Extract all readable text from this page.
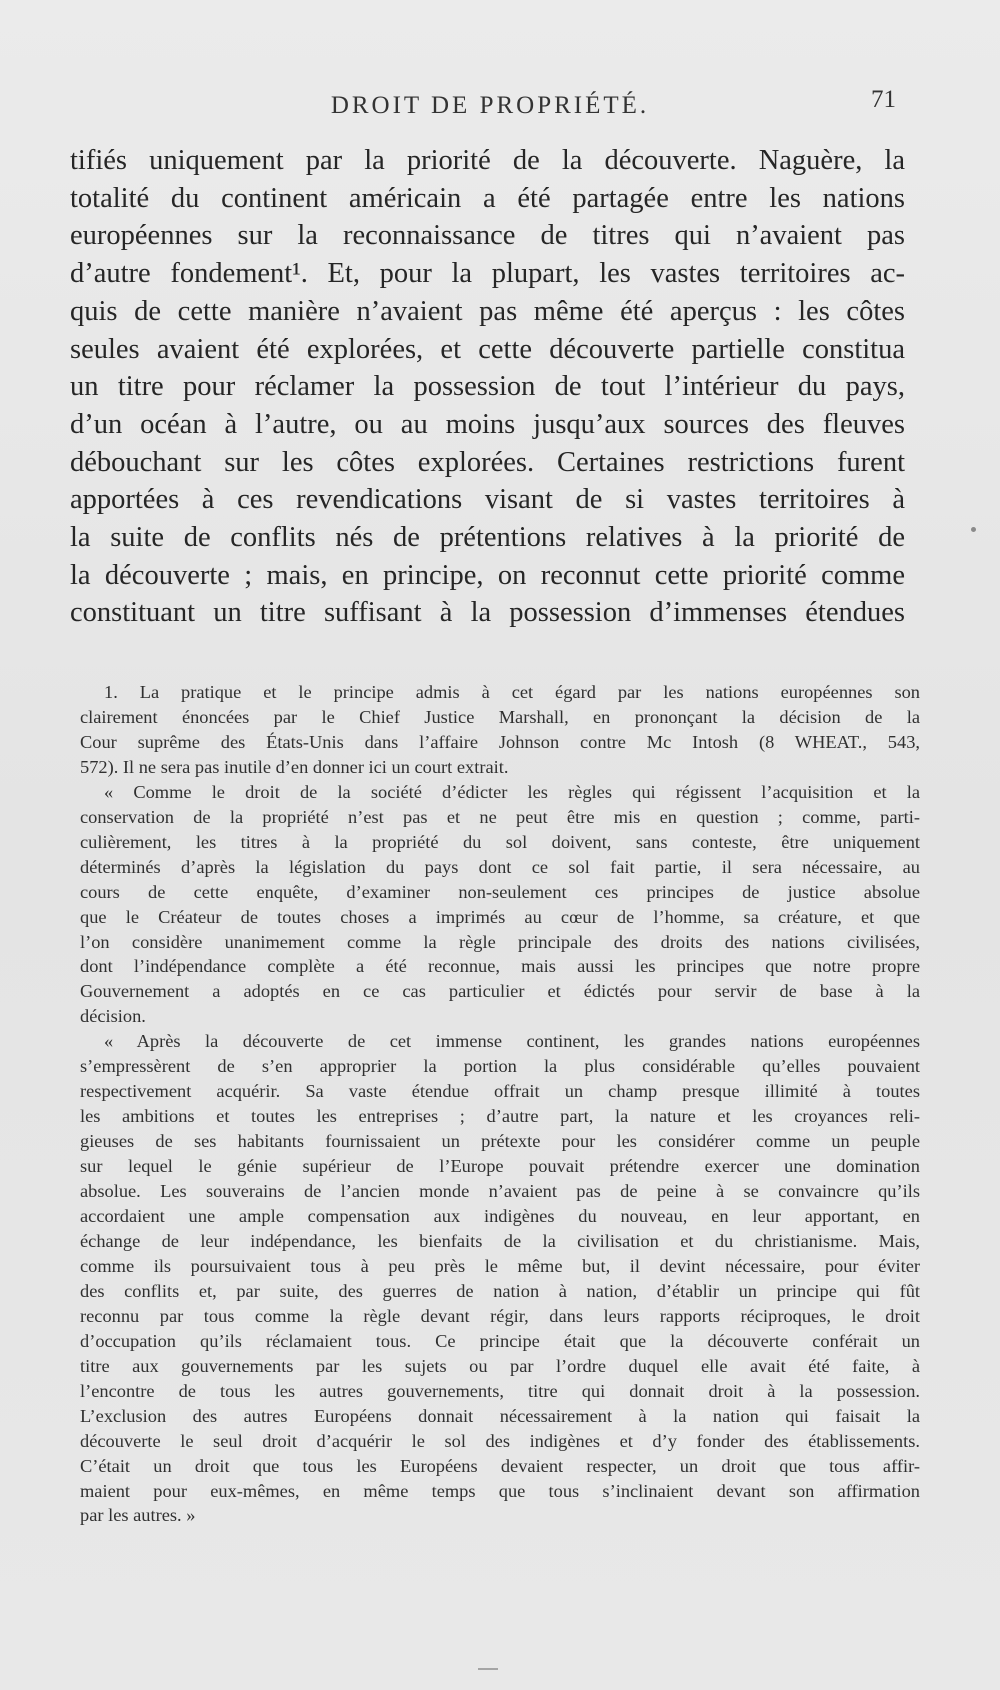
DROIT DE PROPRIÉTÉ.	71
tifiés uniquement par la priorité de la découverte. Naguère, la
totalité du continent américain a été partagée entre les nations
européennes sur la reconnaissance de titres qui n’avaient pas
d’autre fondement¹. Et, pour la plupart, les vastes territoires ac-
quis de cette manière n’avaient pas même été aperçus : les côtes
seules avaient été explorées, et cette découverte partielle constitua
un titre pour réclamer la possession de tout l’intérieur du pays,
d’un océan à l’autre, ou au moins jusqu’aux sources des fleuves
débouchant sur les côtes explorées. Certaines restrictions furent
apportées à ces revendications visant de si vastes territoires à
la suite de conflits nés de prétentions relatives à la priorité de
la découverte ; mais, en principe, on reconnut cette priorité comme
constituant un titre suffisant à la possession d’immenses étendues
1. La pratique et le principe admis à cet égard par les nations européennes son
clairement énoncées par le Chief Justice Marshall, en prononçant la décision de la
Cour suprême des États-Unis dans l’affaire Johnson contre Mc Intosh (8 WHEAT., 543,
572). Il ne sera pas inutile d’en donner ici un court extrait.
« Comme le droit de la société d’édicter les règles qui régissent l’acquisition et la
conservation de la propriété n’est pas et ne peut être mis en question ; comme, parti-
culièrement, les titres à la propriété du sol doivent, sans conteste, être uniquement
déterminés d’après la législation du pays dont ce sol fait partie, il sera nécessaire, au
cours de cette enquête, d’examiner non-seulement ces principes de justice absolue
que le Créateur de toutes choses a imprimés au cœur de l’homme, sa créature, et que
l’on considère unanimement comme la règle principale des droits des nations civilisées,
dont l’indépendance complète a été reconnue, mais aussi les principes que notre propre
Gouvernement a adoptés en ce cas particulier et édictés pour servir de base à la
décision.
« Après la découverte de cet immense continent, les grandes nations européennes
s’empressèrent de s’en approprier la portion la plus considérable qu’elles pouvaient
respectivement acquérir. Sa vaste étendue offrait un champ presque illimité à toutes
les ambitions et toutes les entreprises ; d’autre part, la nature et les croyances reli-
gieuses de ses habitants fournissaient un prétexte pour les considérer comme un peuple
sur lequel le génie supérieur de l’Europe pouvait prétendre exercer une domination
absolue. Les souverains de l’ancien monde n’avaient pas de peine à se convaincre qu’ils
accordaient une ample compensation aux indigènes du nouveau, en leur apportant, en
échange de leur indépendance, les bienfaits de la civilisation et du christianisme. Mais,
comme ils poursuivaient tous à peu près le même but, il devint nécessaire, pour éviter
des conflits et, par suite, des guerres de nation à nation, d’établir un principe qui fût
reconnu par tous comme la règle devant régir, dans leurs rapports réciproques, le droit
d’occupation qu’ils réclamaient tous. Ce principe était que la découverte conférait un
titre aux gouvernements par les sujets ou par l’ordre duquel elle avait été faite, à
l’encontre de tous les autres gouvernements, titre qui donnait droit à la possession.
L’exclusion des autres Européens donnait nécessairement à la nation qui faisait la
découverte le seul droit d’acquérir le sol des indigènes et d’y fonder des établissements.
C’était un droit que tous les Européens devaient respecter, un droit que tous affir-
maient pour eux-mêmes, en même temps que tous s’inclinaient devant son affirmation
par les autres. »
